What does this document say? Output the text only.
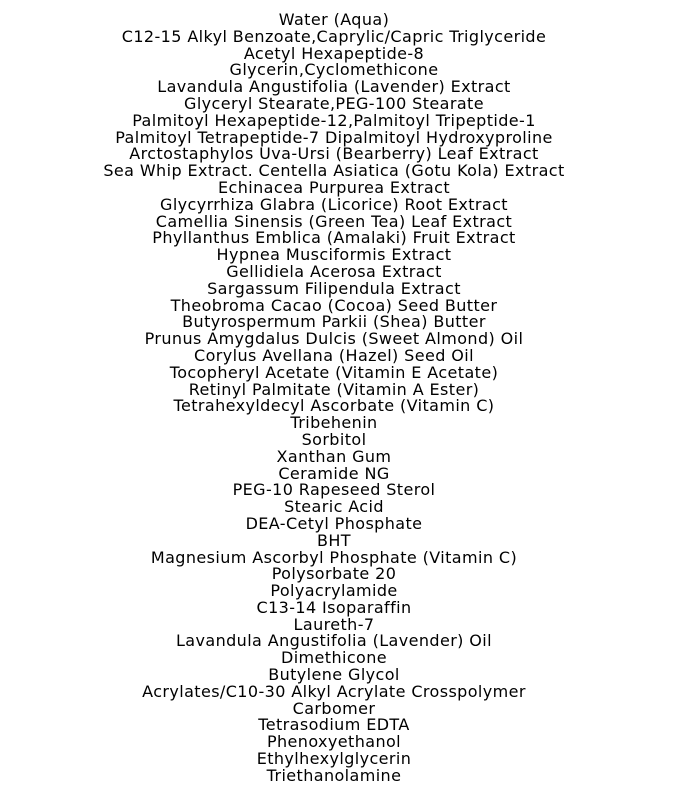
Water (Aqua)
C12-15 Alkyl Benzoate,Caprylic/Capric Triglyceride
Acetyl Hexapeptide-8
Glycerin,Cyclomethicone
Lavandula Angustifolia (Lavender) Extract
Glyceryl Stearate,PEG-100 Stearate
Palmitoyl Hexapeptide-12,Palmitoyl Tripeptide-1
Palmitoyl Tetrapeptide-7 Dipalmitoyl Hydroxyproline
Arctostaphylos Uva-Ursi (Bearberry) Leaf Extract
Sea Whip Extract. Centella Asiatica (Gotu Kola) Extract
Echinacea Purpurea Extract
Glycyrrhiza Glabra (Licorice) Root Extract
Camellia Sinensis (Green Tea) Leaf Extract
Phyllanthus Emblica (Amalaki) Fruit Extract
Hypnea Musciformis Extract
Gellidiela Acerosa Extract
Sargassum Filipendula Extract
Theobroma Cacao (Cocoa) Seed Butter
Butyrospermum Parkii (Shea) Butter
Prunus Amygdalus Dulcis (Sweet Almond) Oil
Corylus Avellana (Hazel) Seed Oil
Tocopheryl Acetate (Vitamin E Acetate)
Retinyl Palmitate (Vitamin A Ester)
Tetrahexyldecyl Ascorbate (Vitamin C)
Tribehenin
Sorbitol
Xanthan Gum
Ceramide NG
PEG-10 Rapeseed Sterol
Stearic Acid
DEA-Cetyl Phosphate
BHT
Magnesium Ascorbyl Phosphate (Vitamin C)
Polysorbate 20
Polyacrylamide
C13-14 Isoparaffin
Laureth-7
Lavandula Angustifolia (Lavender) Oil
Dimethicone
Butylene Glycol
Acrylates/C10-30 Alkyl Acrylate Crosspolymer
Carbomer
Tetrasodium EDTA
Phenoxyethanol
Ethylhexylglycerin
Triethanolamine
